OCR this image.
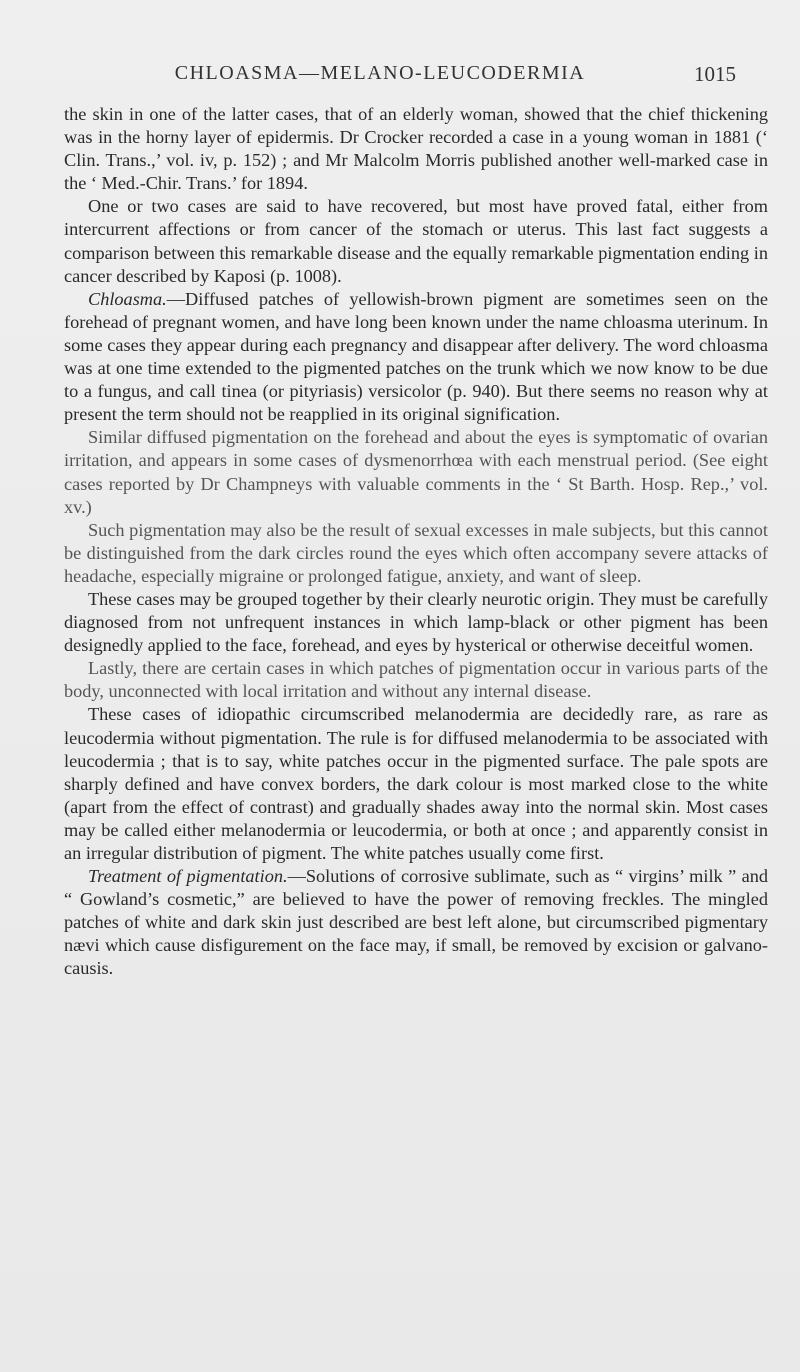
CHLOASMA—MELANO-LEUCODERMIA	1015

the skin in one of the latter cases, that of an elderly woman, showed that the chief thickening was in the horny layer of epidermis. Dr Crocker recorded a case in a young woman in 1881 (‘ Clin. Trans.,’ vol. iv, p. 152) ; and Mr Malcolm Morris published another well-marked case in the ‘ Med.-Chir. Trans.’ for 1894.

One or two cases are said to have recovered, but most have proved fatal, either from intercurrent affections or from cancer of the stomach or uterus. This last fact suggests a comparison between this remarkable disease and the equally remarkable pigmentation ending in cancer described by Kaposi (p. 1008).

Chloasma.—Diffused patches of yellowish-brown pigment are sometimes seen on the forehead of pregnant women, and have long been known under the name chloasma uterinum. In some cases they appear during each pregnancy and disappear after delivery. The word chloasma was at one time extended to the pigmented patches on the trunk which we now know to be due to a fungus, and call tinea (or pityriasis) versicolor (p. 940). But there seems no reason why at present the term should not be reapplied in its original signification.

Similar diffused pigmentation on the forehead and about the eyes is symptomatic of ovarian irritation, and appears in some cases of dysmenorrhœa with each menstrual period. (See eight cases reported by Dr Champneys with valuable comments in the ‘ St Barth. Hosp. Rep.,’ vol. xv.)

Such pigmentation may also be the result of sexual excesses in male subjects, but this cannot be distinguished from the dark circles round the eyes which often accompany severe attacks of headache, especially migraine or prolonged fatigue, anxiety, and want of sleep.

These cases may be grouped together by their clearly neurotic origin. They must be carefully diagnosed from not unfrequent instances in which lamp-black or other pigment has been designedly applied to the face, forehead, and eyes by hysterical or otherwise deceitful women.

Lastly, there are certain cases in which patches of pigmentation occur in various parts of the body, unconnected with local irritation and without any internal disease.

These cases of idiopathic circumscribed melanodermia are decidedly rare, as rare as leucodermia without pigmentation. The rule is for diffused melanodermia to be associated with leucodermia ; that is to say, white patches occur in the pigmented surface. The pale spots are sharply defined and have convex borders, the dark colour is most marked close to the white (apart from the effect of contrast) and gradually shades away into the normal skin. Most cases may be called either melanodermia or leucodermia, or both at once ; and apparently consist in an irregular distribution of pigment. The white patches usually come first.

Treatment of pigmentation.—Solutions of corrosive sublimate, such as “ virgins’ milk ” and “ Gowland’s cosmetic,” are believed to have the power of removing freckles. The mingled patches of white and dark skin just described are best left alone, but circumscribed pigmentary nævi which cause disfigurement on the face may, if small, be removed by excision or galvano-causis.
